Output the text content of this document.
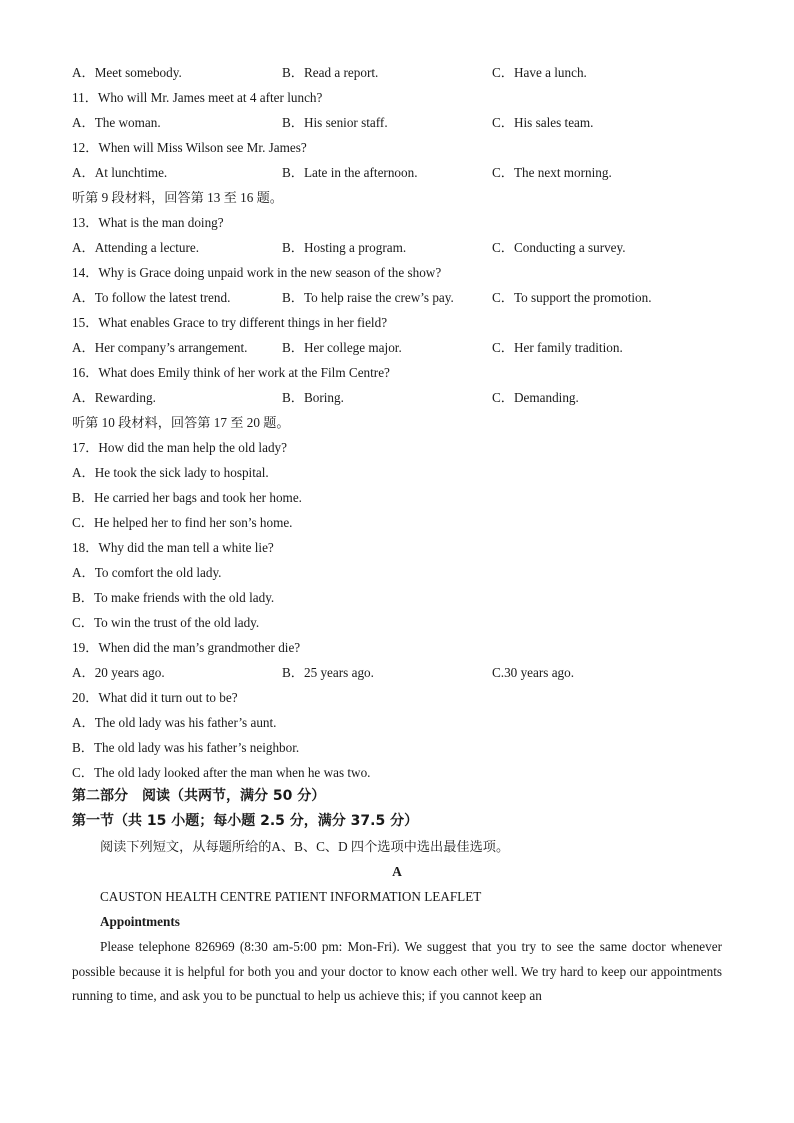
A．Meet somebody.	B．Read a report.	C．Have a lunch.
11．Who will Mr. James meet at 4 after lunch?
A．The woman.	B．His senior staff.	C．His sales team.
12．When will Miss Wilson see Mr. James?
A．At lunchtime.	B．Late in the afternoon.	C．The next morning.
听第 9 段材料，回答第 13 至 16 题。
13．What is the man doing?
A．Attending a lecture.	B．Hosting a program.	C．Conducting a survey.
14．Why is Grace doing unpaid work in the new season of the show?
A．To follow the latest trend.	B．To help raise the crew’s pay.	C．To support the promotion.
15．What enables Grace to try different things in her field?
A．Her company’s arrangement.	B．Her college major.	C．Her family tradition.
16．What does Emily think of her work at the Film Centre?
A．Rewarding.	B．Boring.	C．Demanding.
听第 10 段材料，回答第 17 至 20 题。
17．How did the man help the old lady?
A．He took the sick lady to hospital.
B．He carried her bags and took her home.
C．He helped her to find her son’s home.
18．Why did the man tell a white lie?
A．To comfort the old lady.
B．To make friends with the old lady.
C．To win the trust of the old lady.
19．When did the man’s grandmother die?
A．20 years ago.	B．25 years ago.	C.30 years ago.
20．What did it turn out to be?
A．The old lady was his father’s aunt.
B．The old lady was his father’s neighbor.
C．The old lady looked after the man when he was two.
第二部分　阅读（共两节，满分 50 分）
第一节（共 15 小题；每小题 2.5 分，满分 37.5 分）
阅读下列短文，从每题所给的A、B、C、D 四个选项中选出最佳选项。
A
CAUSTON HEALTH CENTRE PATIENT INFORMATION LEAFLET
Appointments

Please telephone 826969 (8:30 am-5:00 pm: Mon-Fri). We suggest that you try to see the same doctor whenever possible because it is helpful for both you and your doctor to know each other well. We try hard to keep our appointments running to time, and ask you to be punctual to help us achieve this; if you cannot keep an
